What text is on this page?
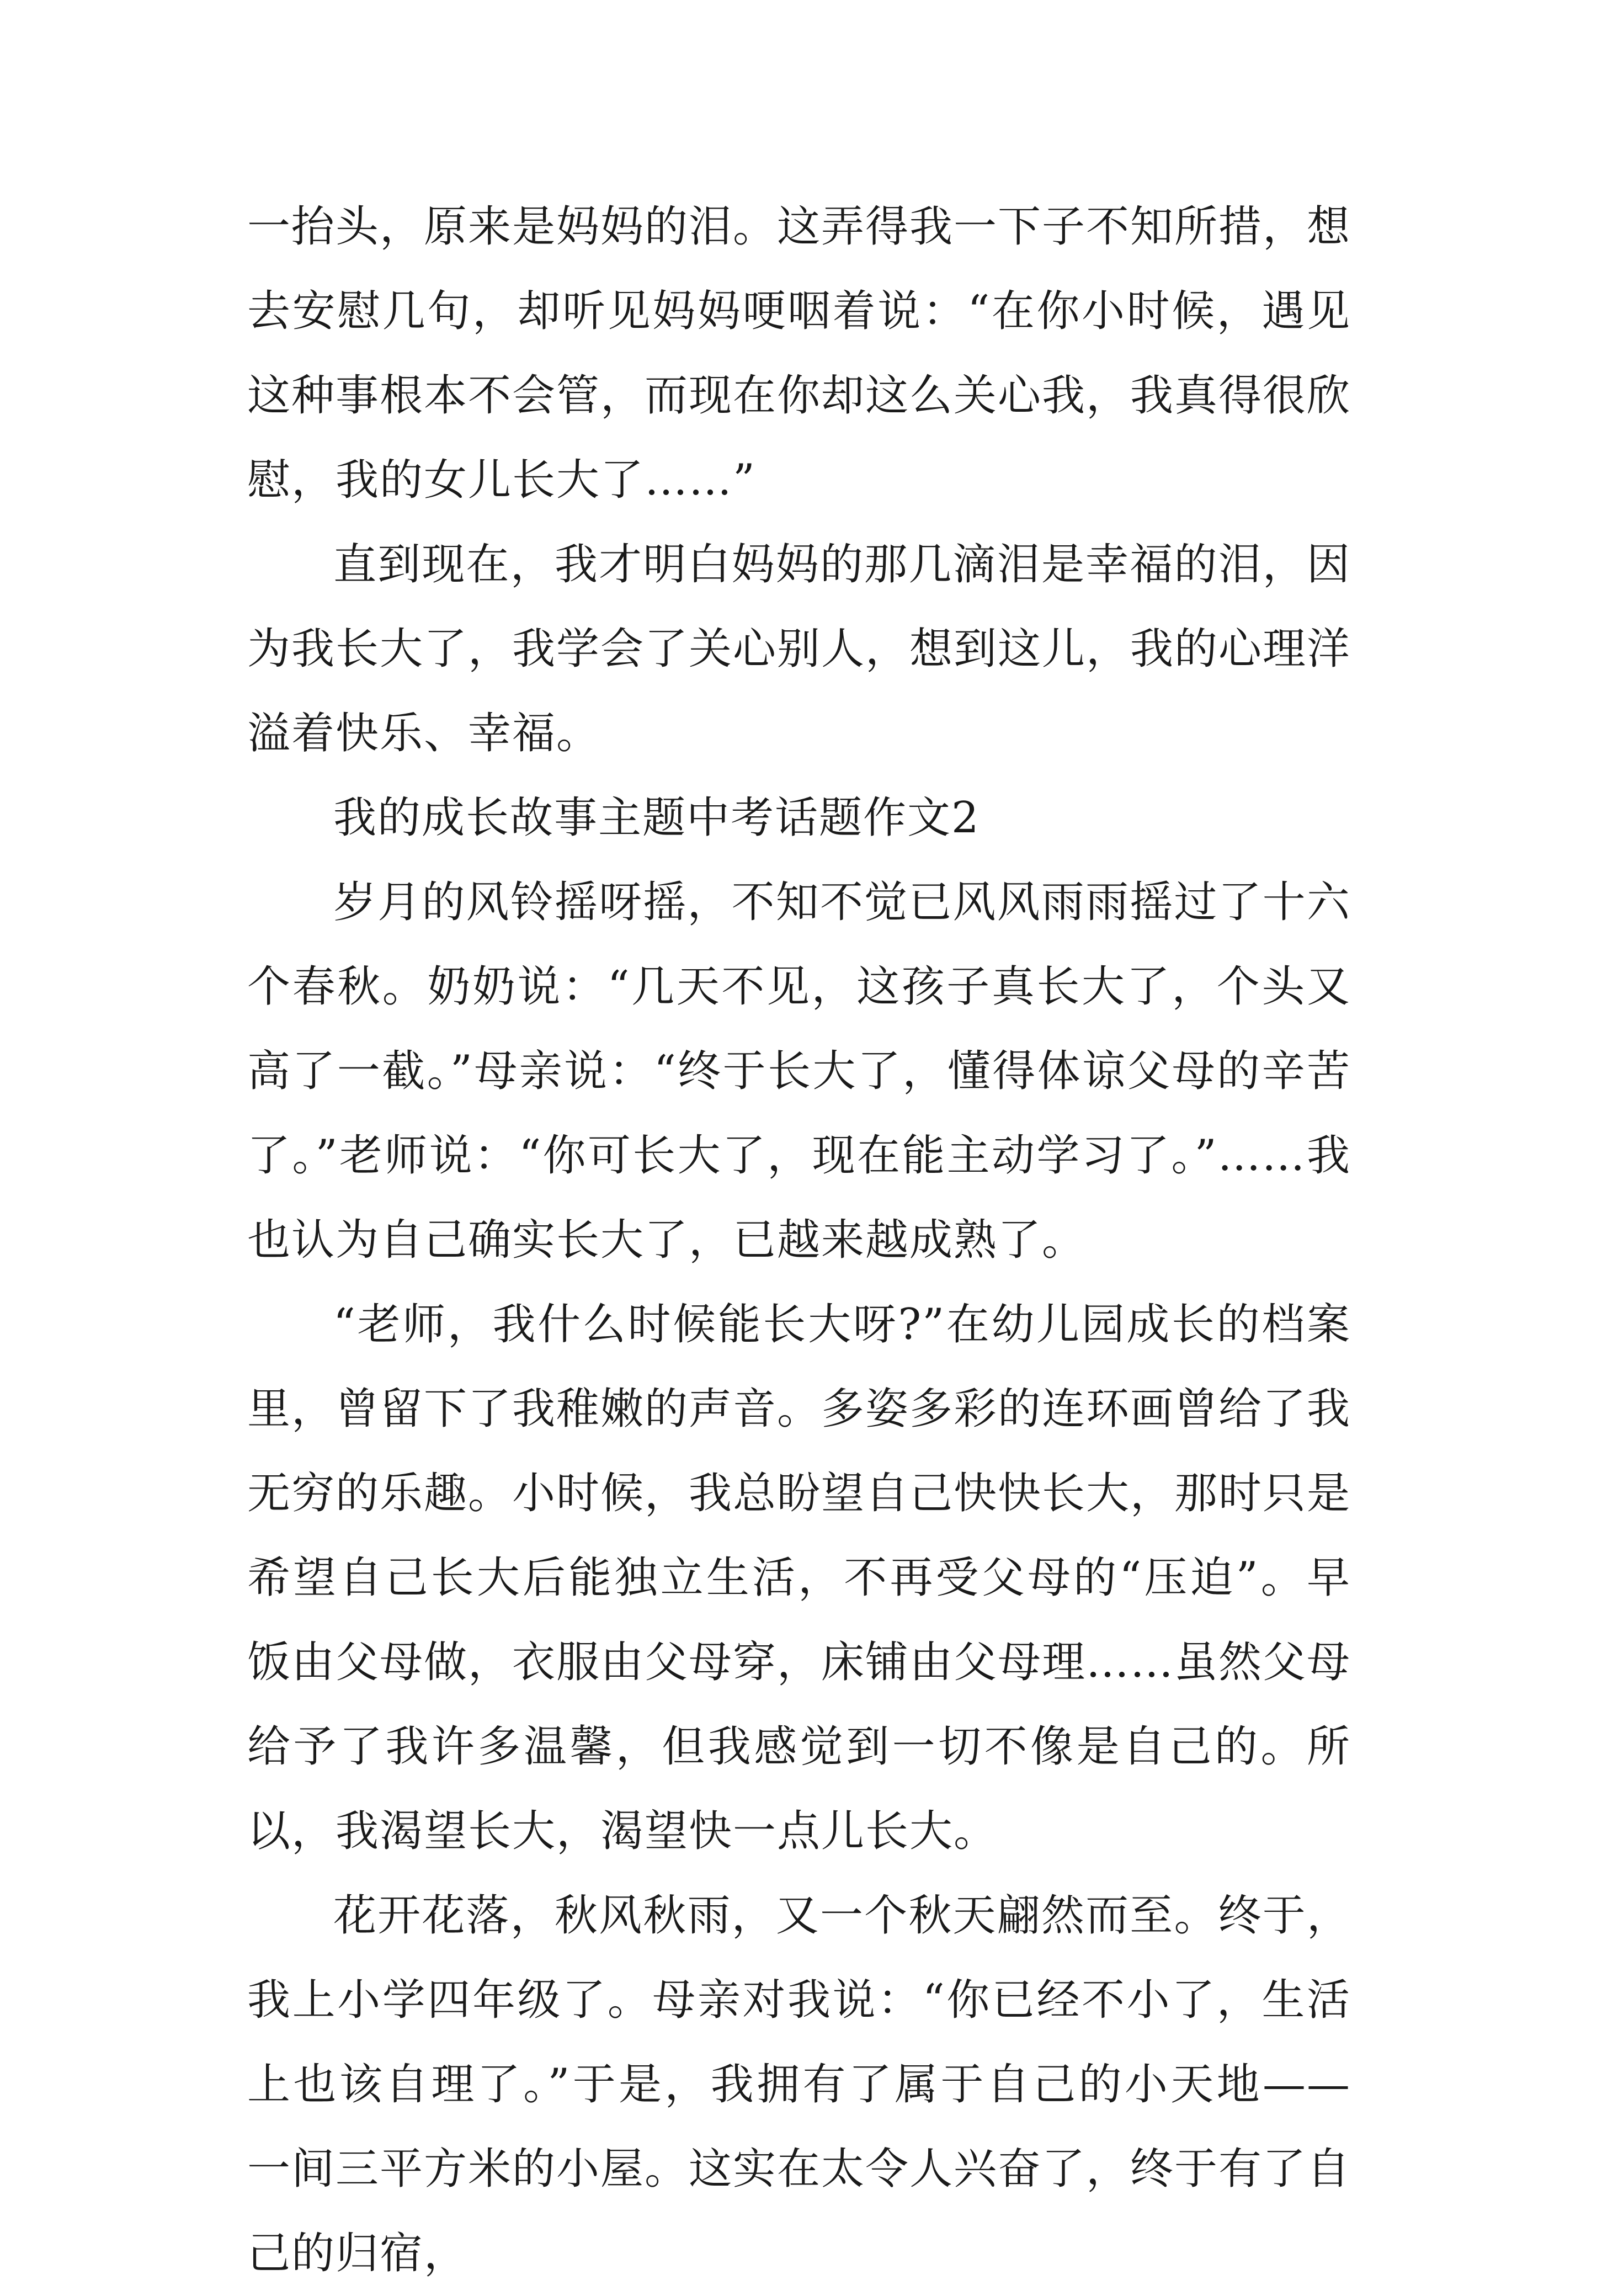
一抬头，原来是妈妈的泪。这弄得我一下子不知所措，想去安慰几句，却听见妈妈哽咽着说：“在你小时候，遇见这种事根本不会管，而现在你却这么关心我，我真得很欣慰，我的女儿长大了……”

直到现在，我才明白妈妈的那几滴泪是幸福的泪，因为我长大了，我学会了关心别人，想到这儿，我的心理洋溢着快乐、幸福。

我的成长故事主题中考话题作文2

岁月的风铃摇呀摇，不知不觉已风风雨雨摇过了十六个春秋。奶奶说：“几天不见，这孩子真长大了，个头又高了一截。”母亲说：“终于长大了，懂得体谅父母的辛苦了。”老师说：“你可长大了，现在能主动学习了。”……我也认为自己确实长大了，已越来越成熟了。

“老师，我什么时候能长大呀?”在幼儿园成长的档案里，曾留下了我稚嫩的声音。多姿多彩的连环画曾给了我无穷的乐趣。小时候，我总盼望自己快快长大，那时只是希望自己长大后能独立生活，不再受父母的“压迫”。早饭由父母做，衣服由父母穿，床铺由父母理……虽然父母给予了我许多温馨，但我感觉到一切不像是自己的。所以，我渴望长大，渴望快一点儿长大。

花开花落，秋风秋雨，又一个秋天翩然而至。终于，我上小学四年级了。母亲对我说：“你已经不小了，生活上也该自理了。”于是，我拥有了属于自己的小天地——一间三平方米的小屋。这实在太令人兴奋了，终于有了自己的归宿，
